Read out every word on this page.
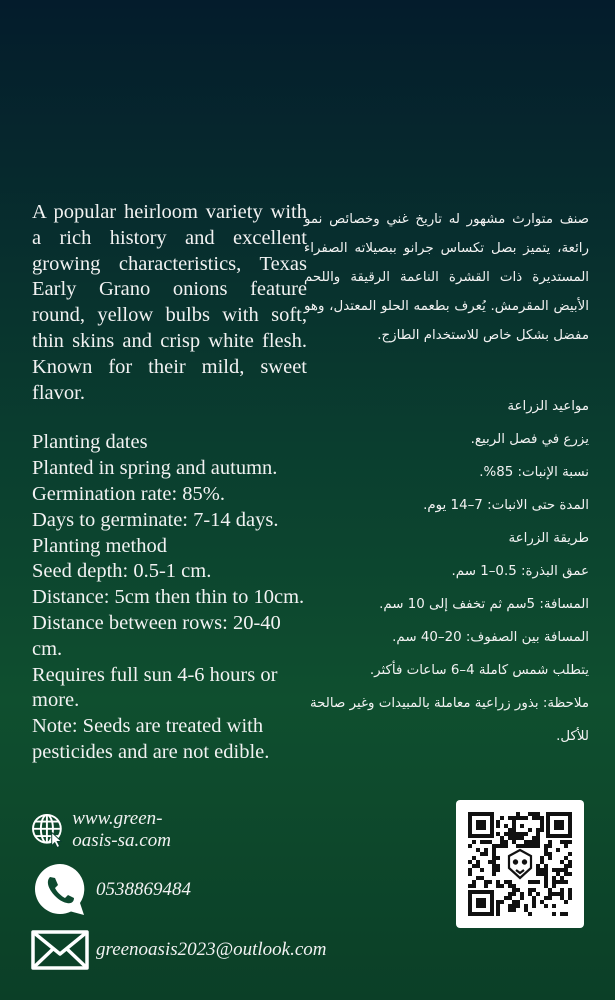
A popular heirloom variety with a rich history and excellent growing characteristics, Texas Early Grano onions feature round, yellow bulbs with soft, thin skins and crisp white flesh. Known for their mild, sweet flavor.

Planting dates
Planted in spring and autumn.
Germination rate: 85%.
Days to germinate: 7-14 days.
Planting method
Seed depth: 0.5-1 cm.
Distance: 5cm then thin to 10cm.
Distance between rows: 20-40 cm.
Requires full sun 4-6 hours or more.
Note: Seeds are treated with pesticides and are not edible.

صنف متوارث مشهور له تاريخ غني وخصائص نمو رائعة، يتميز بصل تكساس جرانو ببصيلاته الصفراء المستديرة ذات القشرة الناعمة الرقيقة واللحم الأبيض المقرمش. يُعرف بطعمه الحلو المعتدل، وهو مفضل بشكل خاص للاستخدام الطازج.

مواعيد الزراعة
يزرع في فصل الربيع.
نسبة الإنبات: 85%.
المدة حتى الانبات: 7–14 يوم.
طريقة الزراعة
عمق البذرة: 0.5–1 سم.
المسافة: 5سم ثم تخفف إلى 10 سم.
المسافة بين الصفوف: 20–40 سم.
يتطلب شمس كاملة 4–6 ساعات فأكثر.
ملاحظة: بذور زراعية معاملة بالمبيدات وغير صالحة للأكل.
www.green-oasis-sa.com
0538869484
greenoasis2023@outlook.com
